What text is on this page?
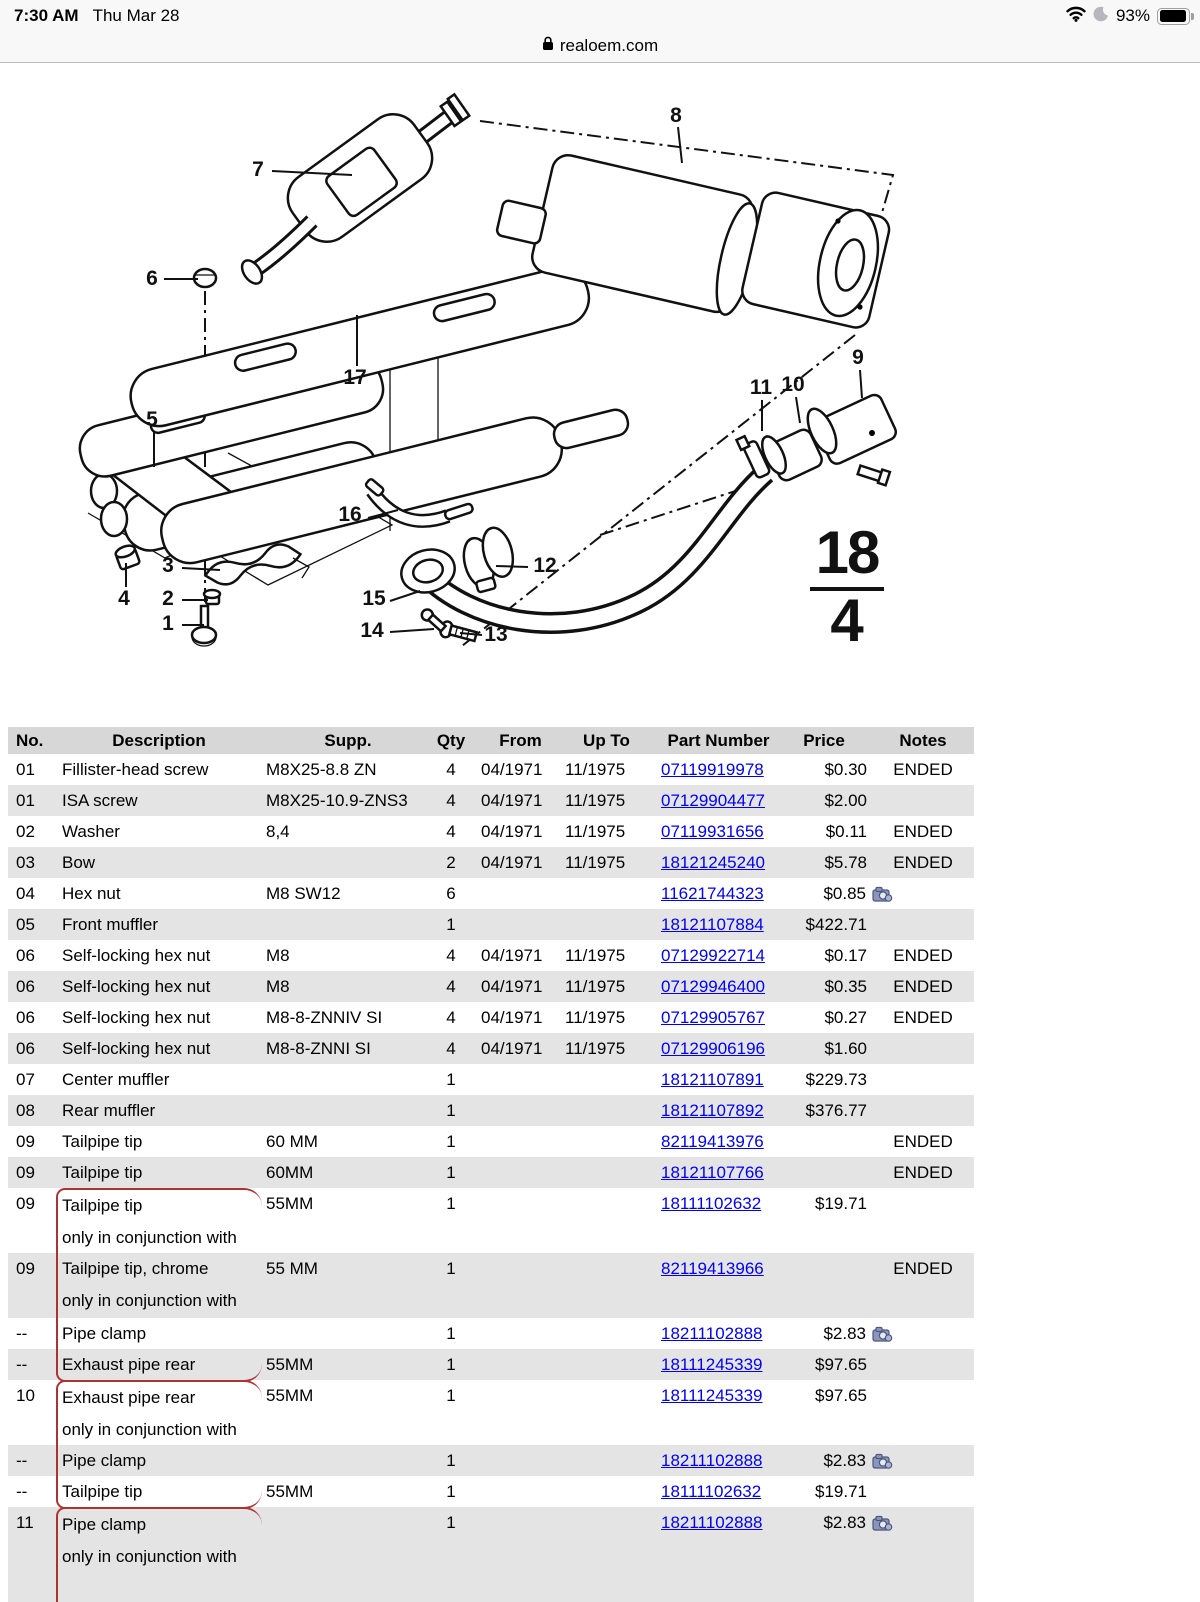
7:30 AM Thu Mar 28	93%
realoem.com
1
2
3
4
5
6
7
8
9
10
11
12
13
14
15
16
17
18
4
No.	Description	Supp.	Qty	From	Up To	Part Number	Price	Notes
01	Fillister-head screw	M8X25-8.8 ZN	4	04/1971	11/1975	07119919978	$0.30	ENDED
01	ISA screw	M8X25-10.9-ZNS3	4	04/1971	11/1975	07129904477	$2.00
02	Washer	8,4	4	04/1971	11/1975	07119931656	$0.11	ENDED
03	Bow	2	04/1971	11/1975	18121245240	$5.78	ENDED
04	Hex nut	M8 SW12	6	11621744323	$0.85
05	Front muffler	1	18121107884	$422.71
06	Self-locking hex nut	M8	4	04/1971	11/1975	07129922714	$0.17	ENDED
06	Self-locking hex nut	M8	4	04/1971	11/1975	07129946400	$0.35	ENDED
06	Self-locking hex nut	M8-8-ZNNIV SI	4	04/1971	11/1975	07129905767	$0.27	ENDED
06	Self-locking hex nut	M8-8-ZNNI SI	4	04/1971	11/1975	07129906196	$1.60
07	Center muffler	1	18121107891	$229.73
08	Rear muffler	1	18121107892	$376.77
09	Tailpipe tip	60 MM	1	82119413976	ENDED
09	Tailpipe tip	60MM	1	18121107766	ENDED
09	Tailpipe tip
only in conjunction with
55MM	1	18111102632	$19.71
09	Tailpipe tip, chrome
only in conjunction with
55 MM	1	82119413966	ENDED
--	Pipe clamp	1	18211102888	$2.83
--	Exhaust pipe rear	55MM	1	18111245339	$97.65
10	Exhaust pipe rear
only in conjunction with
55MM	1	18111245339	$97.65
--	Pipe clamp	1	18211102888	$2.83
--	Tailpipe tip	55MM	1	18111102632	$19.71
11	Pipe clamp
only in conjunction with
1	18211102888	$2.83
